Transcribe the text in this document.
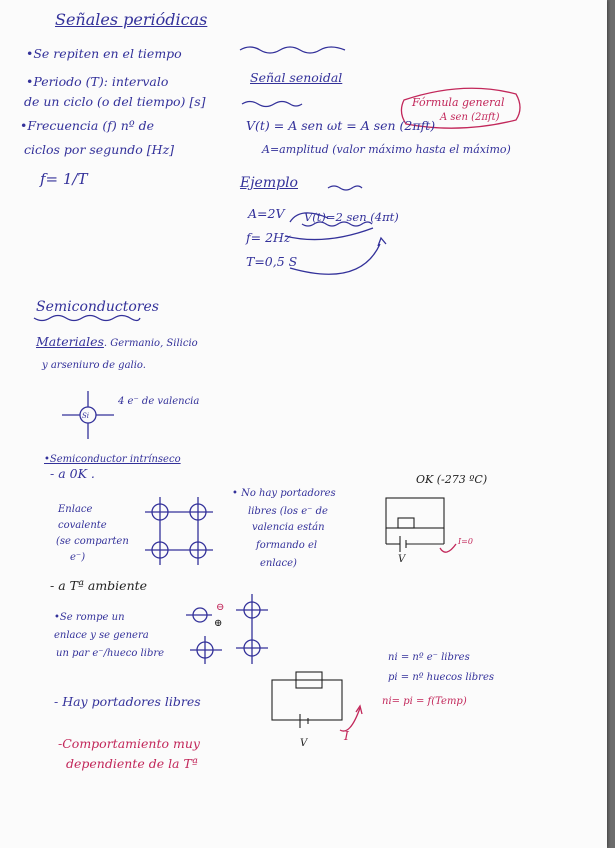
Señales periódicas
•Se repiten en el tiempo
•Periodo (T): intervalo
de un ciclo (o del tiempo) [s]
•Frecuencia (f) nº de
ciclos por segundo [Hz]
f= 1/T
Señal senoidal
V(t) = A sen ωt = A sen (2πft)
Fórmula general
A sen (2πft)
A=amplitud (valor máximo hasta el máximo)
Ejemplo
A=2V
f= 2Hz
T=0,5 S
V(t)=2 sen (4πt)
Semiconductores
Materiales. Germanio, Silicio
y arseniuro de galio.
Si
4 e⁻ de valencia
•Semiconductor intrínseco
- a 0K .
Enlace
covalente
(se comparten
e⁻)
• No hay portadores
libres (los e⁻ de
valencia están
formando el
enlace)
OK (-273 ºC)
I=0
V
- a Tª ambiente
•Se rompe un
enlace y se genera
un par e⁻/hueco libre
⊖
⊕
- Hay portadores libres
-Comportamiento muy
dependiente de la Tª
ni = nº e⁻ libres
pi = nº huecos libres
ni= pi = f(Temp)
V
I
